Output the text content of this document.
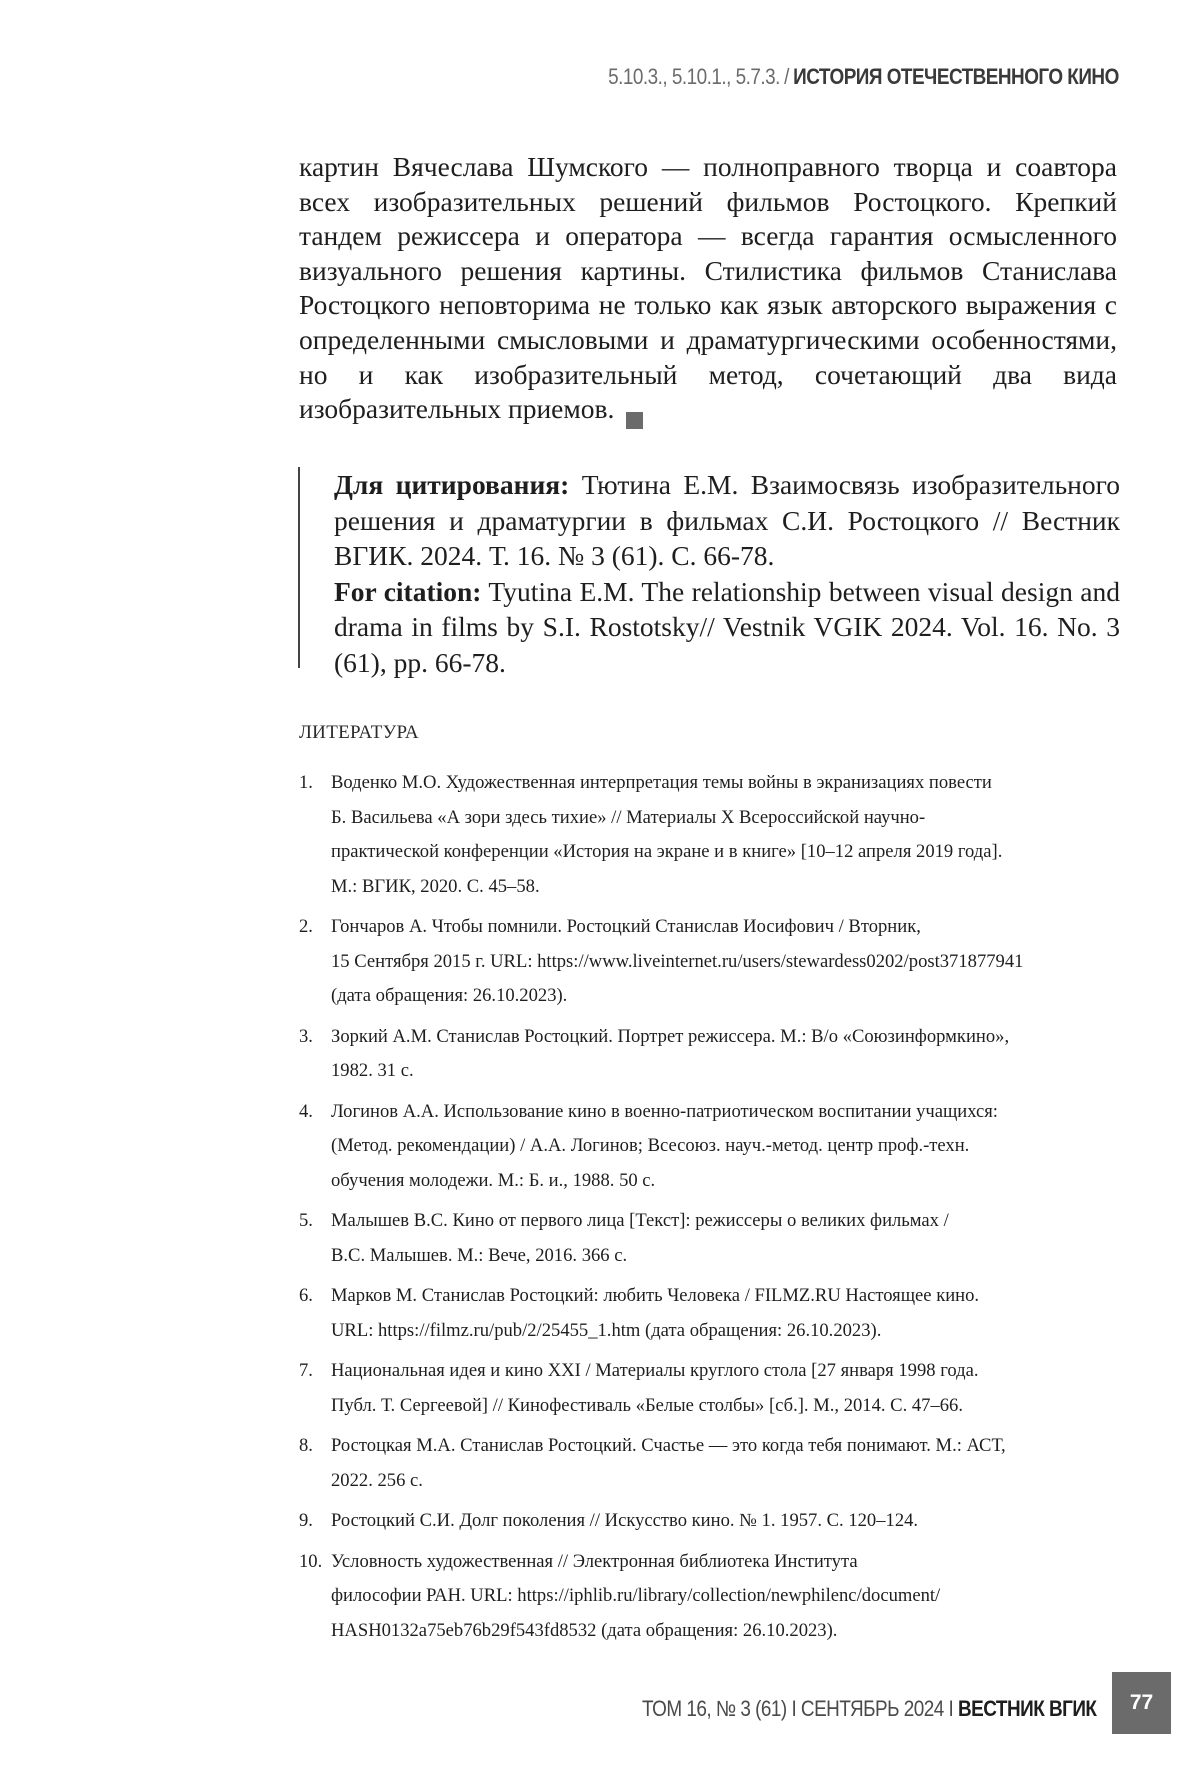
5.10.3., 5.10.1., 5.7.3. / ИСТОРИЯ ОТЕЧЕСТВЕННОГО КИНО

картин Вячеслава Шумского — полноправного творца и соавтора всех изобразительных решений фильмов Ростоцкого. Крепкий тандем режиссера и оператора — всегда гарантия осмысленного визуального решения картины. Стилистика фильмов Станислава Ростоцкого неповторима не только как язык авторского выражения с определенными смысловыми и драматургическими особенностями, но и как изобразительный метод, сочетающий два вида изобразительных приемов.

Для цитирования: Тютина Е.М. Взаимосвязь изобразительного решения и драматургии в фильмах С.И. Ростоцкого // Вестник ВГИК. 2024. Т. 16. № 3 (61). С. 66-78.
For citation: Tyutina E.M. The relationship between visual design and drama in films by S.I. Rostotsky// Vestnik VGIK 2024. Vol. 16. No. 3 (61), pp. 66-78.
ЛИТЕРАТУРА
1. Воденко М.О. Художественная интерпретация темы войны в экранизациях повести
Б. Васильева «А зори здесь тихие» // Материалы X Всероссийской научно-
практической конференции «История на экране и в книге» [10–12 апреля 2019 года].
М.: ВГИК, 2020. С. 45–58.
2. Гончаров А. Чтобы помнили. Ростоцкий Станислав Иосифович / Вторник,
15 Сентября 2015 г. URL: https://www.liveinternet.ru/users/stewardess0202/post371877941
(дата обращения: 26.10.2023).
3. Зоркий А.М. Станислав Ростоцкий. Портрет режиссера. М.: В/о «Союзинформкино»,
1982. 31 с.
4. Логинов А.А. Использование кино в военно-патриотическом воспитании учащихся:
(Метод. рекомендации) / А.А. Логинов; Всесоюз. науч.-метод. центр проф.-техн.
обучения молодежи. М.: Б. и., 1988. 50 с.
5. Малышев В.С. Кино от первого лица [Текст]: режиссеры о великих фильмах /
В.С. Малышев. М.: Вече, 2016. 366 с.
6. Марков М. Станислав Ростоцкий: любить Человека / FILMZ.RU Настоящее кино.
URL: https://filmz.ru/pub/2/25455_1.htm (дата обращения: 26.10.2023).
7. Национальная идея и кино XXI / Материалы круглого стола [27 января 1998 года.
Публ. Т. Сергеевой] // Кинофестиваль «Белые столбы» [сб.]. М., 2014. С. 47–66.
8. Ростоцкая М.А. Станислав Ростоцкий. Счастье — это когда тебя понимают. М.: АСТ,
2022. 256 с.
9. Ростоцкий С.И. Долг поколения // Искусство кино. № 1. 1957. С. 120–124.
10. Условность художественная // Электронная библиотека Института
философии РАН. URL: https://iphlib.ru/library/collection/newphilenc/document/
HASH0132a75eb76b29f543fd8532 (дата обращения: 26.10.2023).
ТОМ 16, № 3 (61) I СЕНТЯБРЬ 2024 I ВЕСТНИК ВГИК	77
